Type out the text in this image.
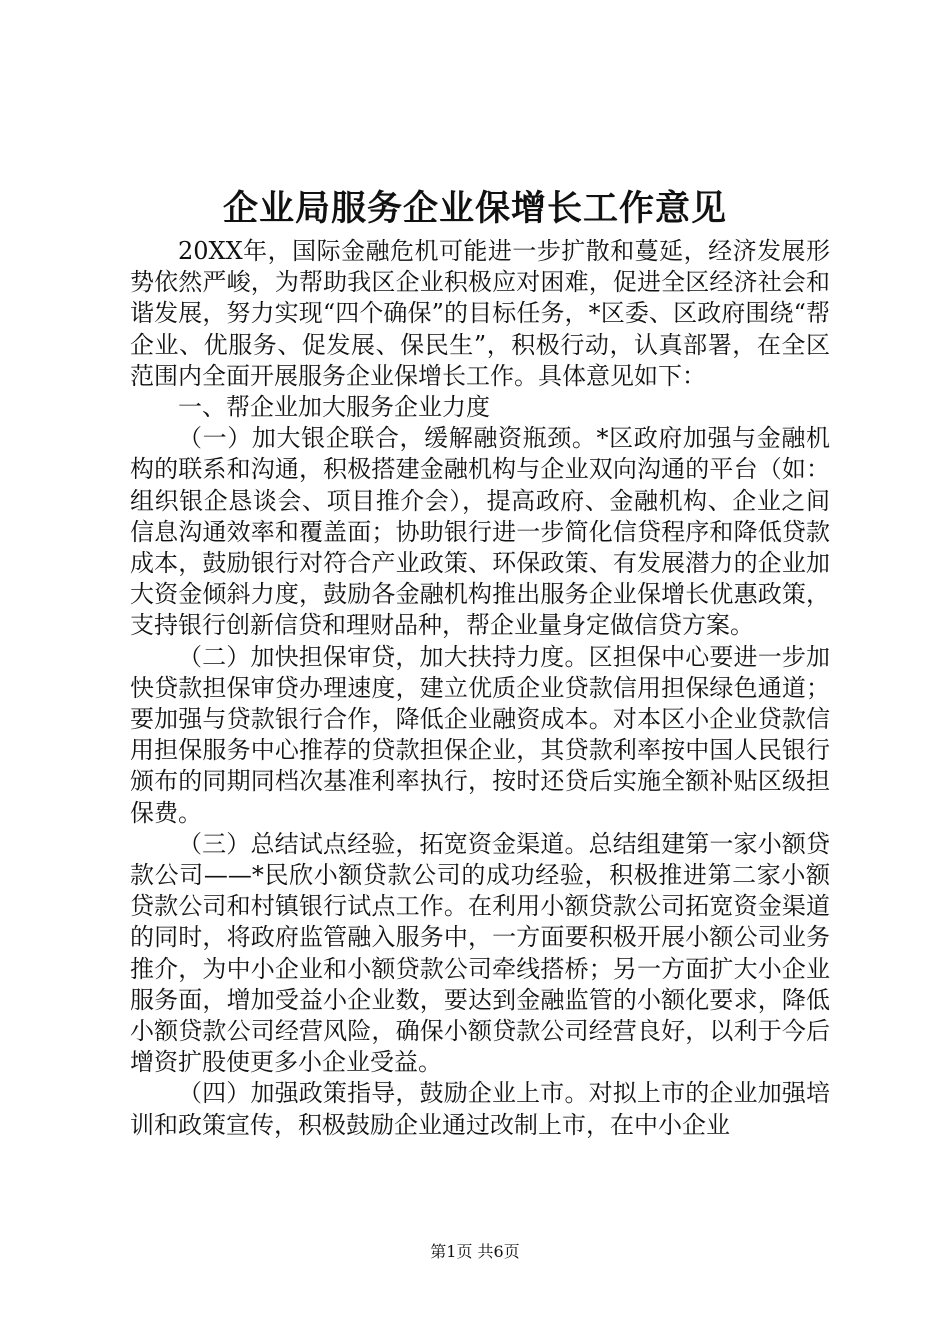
企业局服务企业保增长工作意见

20XX年，国际金融危机可能进一步扩散和蔓延，经济发展形势依然严峻，为帮助我区企业积极应对困难，促进全区经济社会和谐发展，努力实现“四个确保”的目标任务，*区委、区政府围绕“帮企业、优服务、促发展、保民生”，积极行动，认真部署，在全区范围内全面开展服务企业保增长工作。具体意见如下：

一、帮企业加大服务企业力度

（一）加大银企联合，缓解融资瓶颈。*区政府加强与金融机构的联系和沟通，积极搭建金融机构与企业双向沟通的平台（如：组织银企恳谈会、项目推介会），提高政府、金融机构、企业之间信息沟通效率和覆盖面；协助银行进一步简化信贷程序和降低贷款成本，鼓励银行对符合产业政策、环保政策、有发展潜力的企业加大资金倾斜力度，鼓励各金融机构推出服务企业保增长优惠政策，支持银行创新信贷和理财品种，帮企业量身定做信贷方案。

（二）加快担保审贷，加大扶持力度。区担保中心要进一步加快贷款担保审贷办理速度，建立优质企业贷款信用担保绿色通道；要加强与贷款银行合作，降低企业融资成本。对本区小企业贷款信用担保服务中心推荐的贷款担保企业，其贷款利率按中国人民银行颁布的同期同档次基准利率执行，按时还贷后实施全额补贴区级担保费。

（三）总结试点经验，拓宽资金渠道。总结组建第一家小额贷款公司——*民欣小额贷款公司的成功经验，积极推进第二家小额贷款公司和村镇银行试点工作。在利用小额贷款公司拓宽资金渠道的同时，将政府监管融入服务中，一方面要积极开展小额公司业务推介，为中小企业和小额贷款公司牵线搭桥；另一方面扩大小企业服务面，增加受益小企业数，要达到金融监管的小额化要求，降低小额贷款公司经营风险，确保小额贷款公司经营良好，以利于今后增资扩股使更多小企业受益。

（四）加强政策指导，鼓励企业上市。对拟上市的企业加强培训和政策宣传，积极鼓励企业通过改制上市，在中小企业

第1页 共6页
